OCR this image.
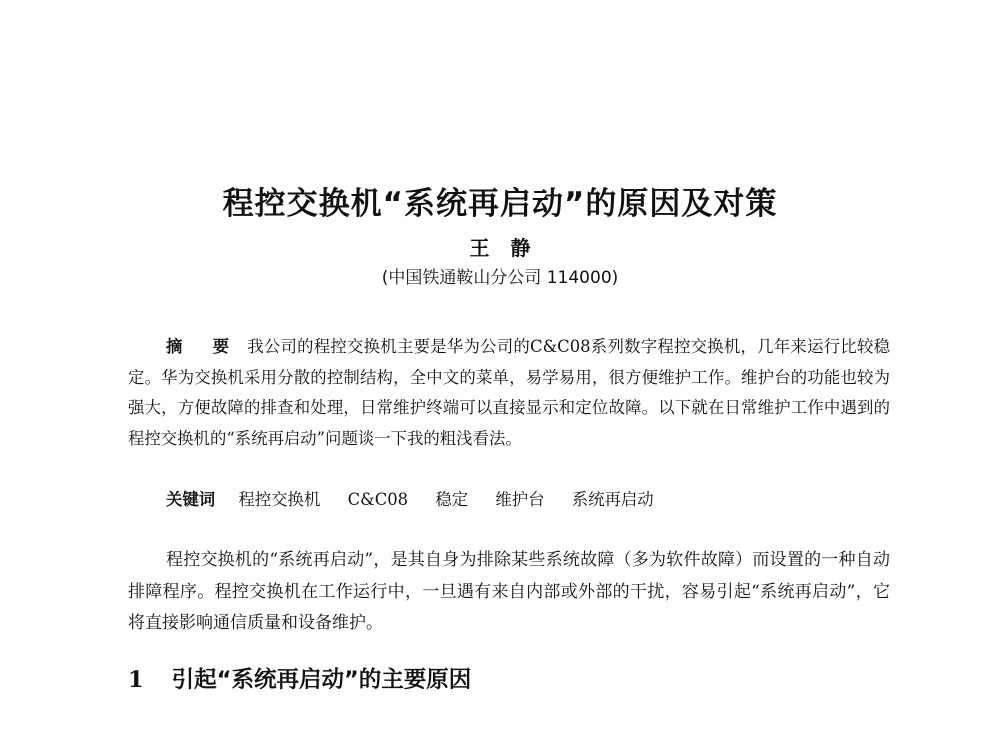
程控交换机“系统再启动”的原因及对策
王 静
(中国铁通鞍山分公司 114000)

摘 要 我公司的程控交换机主要是华为公司的C&C08系列数字程控交换机，几年来运行比较稳定。华为交换机采用分散的控制结构，全中文的菜单，易学易用，很方便维护工作。维护台的功能也较为强大，方便故障的排查和处理，日常维护终端可以直接显示和定位故障。以下就在日常维护工作中遇到的程控交换机的“系统再启动”问题谈一下我的粗浅看法。

关键词 程控交换机 C&C08 稳定 维护台 系统再启动

程控交换机的“系统再启动”，是其自身为排除某些系统故障（多为软件故障）而设置的一种自动排障程序。程控交换机在工作运行中，一旦遇有来自内部或外部的干扰，容易引起“系统再启动”，它将直接影响通信质量和设备维护。

1 引起“系统再启动”的主要原因
